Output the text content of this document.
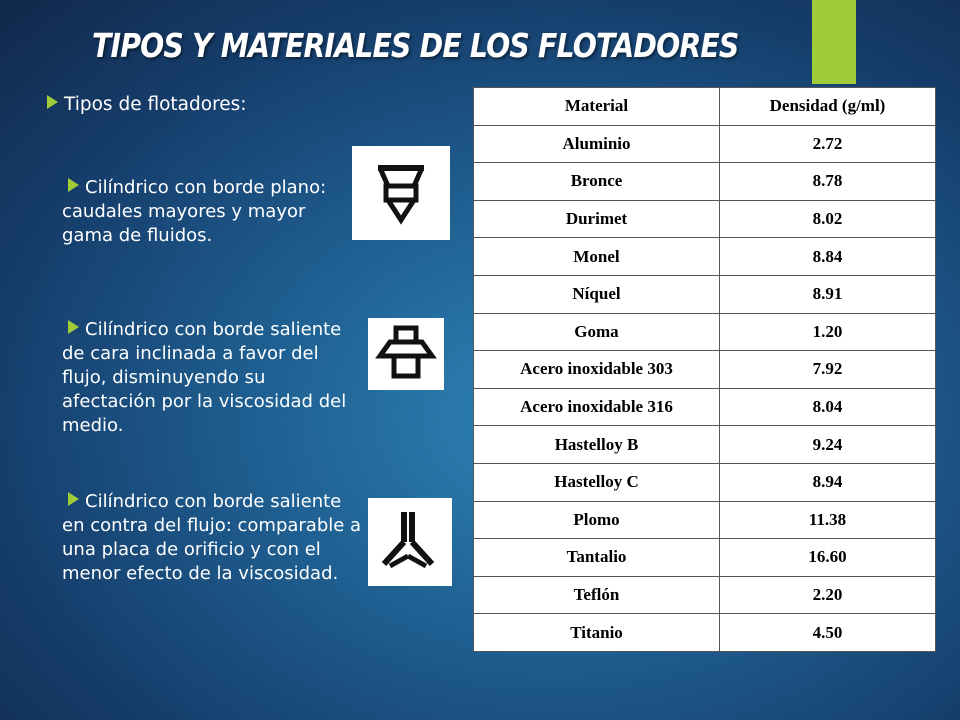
TIPOS Y MATERIALES DE LOS FLOTADORES
Tipos de flotadores:
Cilíndrico con borde plano: caudales mayores y mayor gama de fluidos.
Cilíndrico con borde saliente de cara inclinada a favor del flujo, disminuyendo su afectación por la viscosidad del medio.
Cilíndrico con borde saliente en contra del flujo: comparable a una placa de orificio y con el menor efecto de la viscosidad.
Material	Densidad (g/ml)
Aluminio	2.72
Bronce	8.78
Durimet	8.02
Monel	8.84
Níquel	8.91
Goma	1.20
Acero inoxidable 303	7.92
Acero inoxidable 316	8.04
Hastelloy B	9.24
Hastelloy C	8.94
Plomo	11.38
Tantalio	16.60
Teflón	2.20
Titanio	4.50
